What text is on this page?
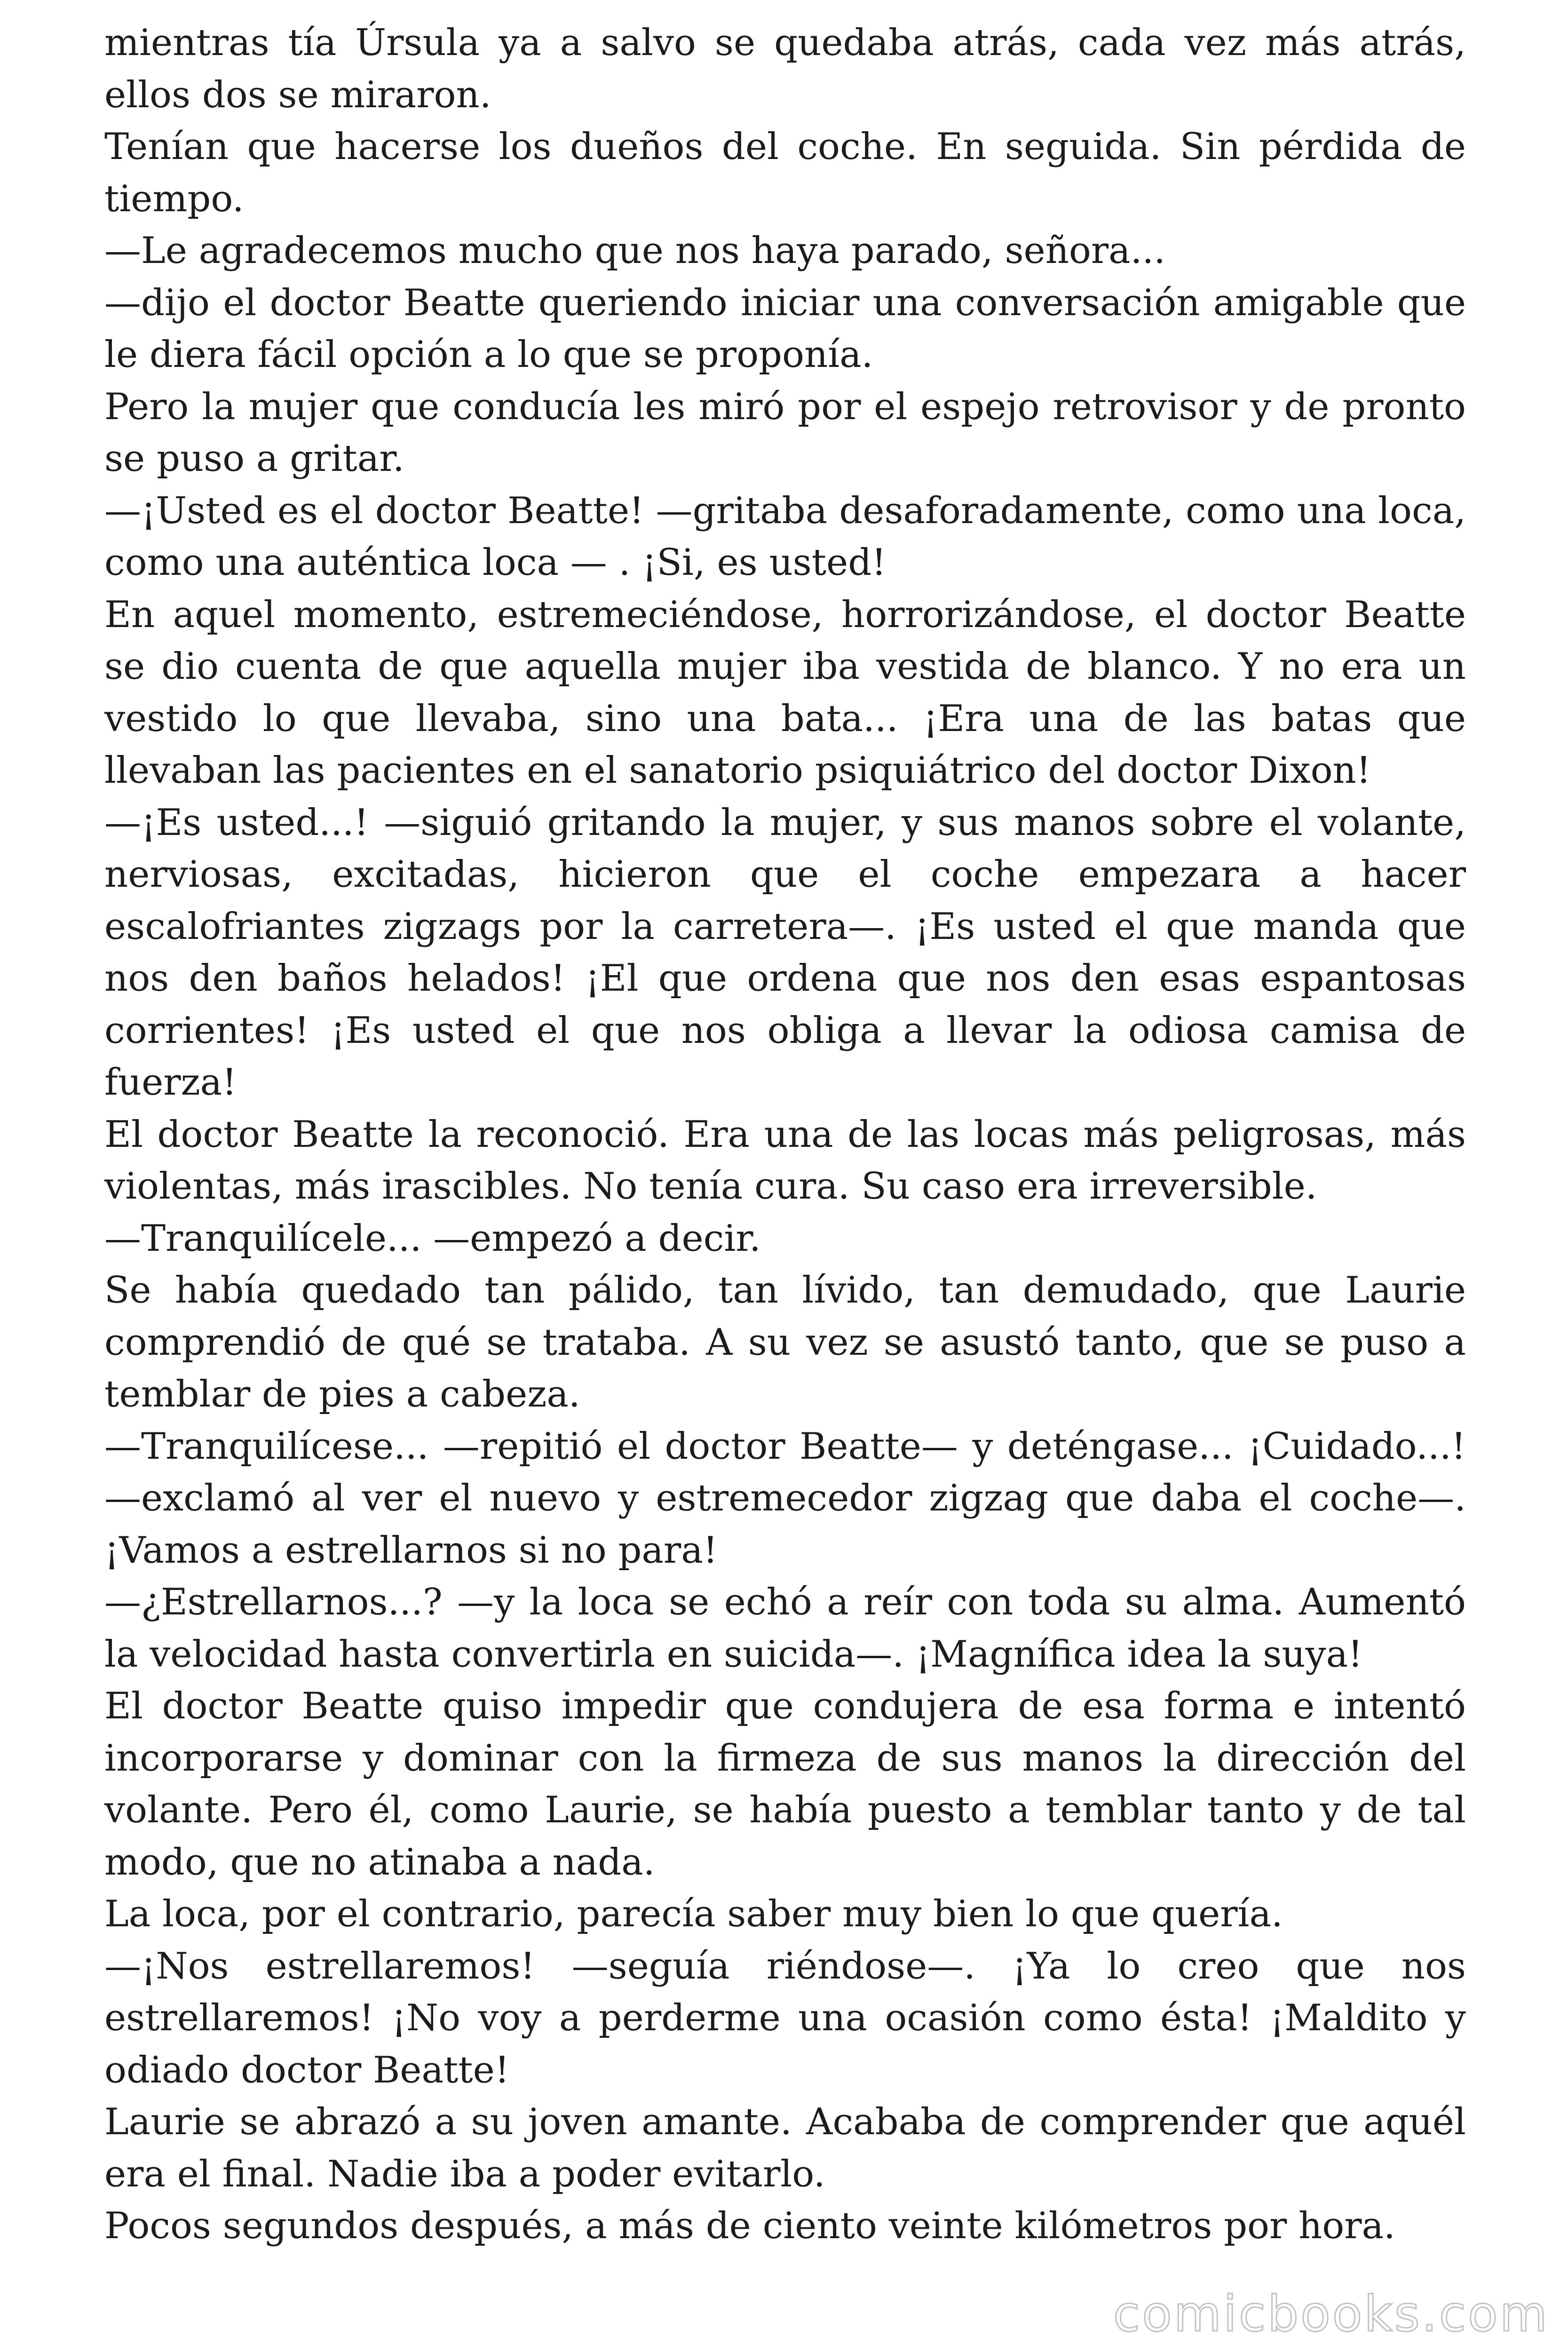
mientras tía Úrsula ya a salvo se quedaba atrás, cada vez más atrás, ellos dos se miraron.

Tenían que hacerse los dueños del coche. En seguida. Sin pérdida de tiempo.

—Le agradecemos mucho que nos haya parado, señora...

—dijo el doctor Beatte queriendo iniciar una conversación amigable que le diera fácil opción a lo que se proponía.

Pero la mujer que conducía les miró por el espejo retrovisor y de pronto se puso a gritar.

—¡Usted es el doctor Beatte! —gritaba desaforadamente, como una loca, como una auténtica loca — . ¡Si, es usted!

En aquel momento, estremeciéndose, horrorizándose, el doctor Beatte se dio cuenta de que aquella mujer iba vestida de blanco. Y no era un vestido lo que llevaba, sino una bata... ¡Era una de las batas que llevaban las pacientes en el sanatorio psiquiátrico del doctor Dixon!

—¡Es usted...! —siguió gritando la mujer, y sus manos sobre el volante, nerviosas, excitadas, hicieron que el coche empezara a hacer escalofriantes zigzags por la carretera—. ¡Es usted el que manda que nos den baños helados! ¡El que ordena que nos den esas espantosas corrientes! ¡Es usted el que nos obliga a llevar la odiosa camisa de fuerza!

El doctor Beatte la reconoció. Era una de las locas más peligrosas, más violentas, más irascibles. No tenía cura. Su caso era irreversible.

—Tranquilícele... —empezó a decir.

Se había quedado tan pálido, tan lívido, tan demudado, que Laurie comprendió de qué se trataba. A su vez se asustó tanto, que se puso a temblar de pies a cabeza.

—Tranquilícese... —repitió el doctor Beatte— y deténgase... ¡Cuidado...! —exclamó al ver el nuevo y estremecedor zigzag que daba el coche—. ¡Vamos a estrellarnos si no para!

—¿Estrellarnos...? —y la loca se echó a reír con toda su alma. Aumentó la velocidad hasta convertirla en suicida—. ¡Magnífica idea la suya!

El doctor Beatte quiso impedir que condujera de esa forma e intentó incorporarse y dominar con la firmeza de sus manos la dirección del volante. Pero él, como Laurie, se había puesto a temblar tanto y de tal modo, que no atinaba a nada.

La loca, por el contrario, parecía saber muy bien lo que quería.

—¡Nos estrellaremos! —seguía riéndose—. ¡Ya lo creo que nos estrellaremos! ¡No voy a perderme una ocasión como ésta! ¡Maldito y odiado doctor Beatte!

Laurie se abrazó a su joven amante. Acababa de comprender que aquél era el final. Nadie iba a poder evitarlo.

Pocos segundos después, a más de ciento veinte kilómetros por hora.

comicbooks.com
